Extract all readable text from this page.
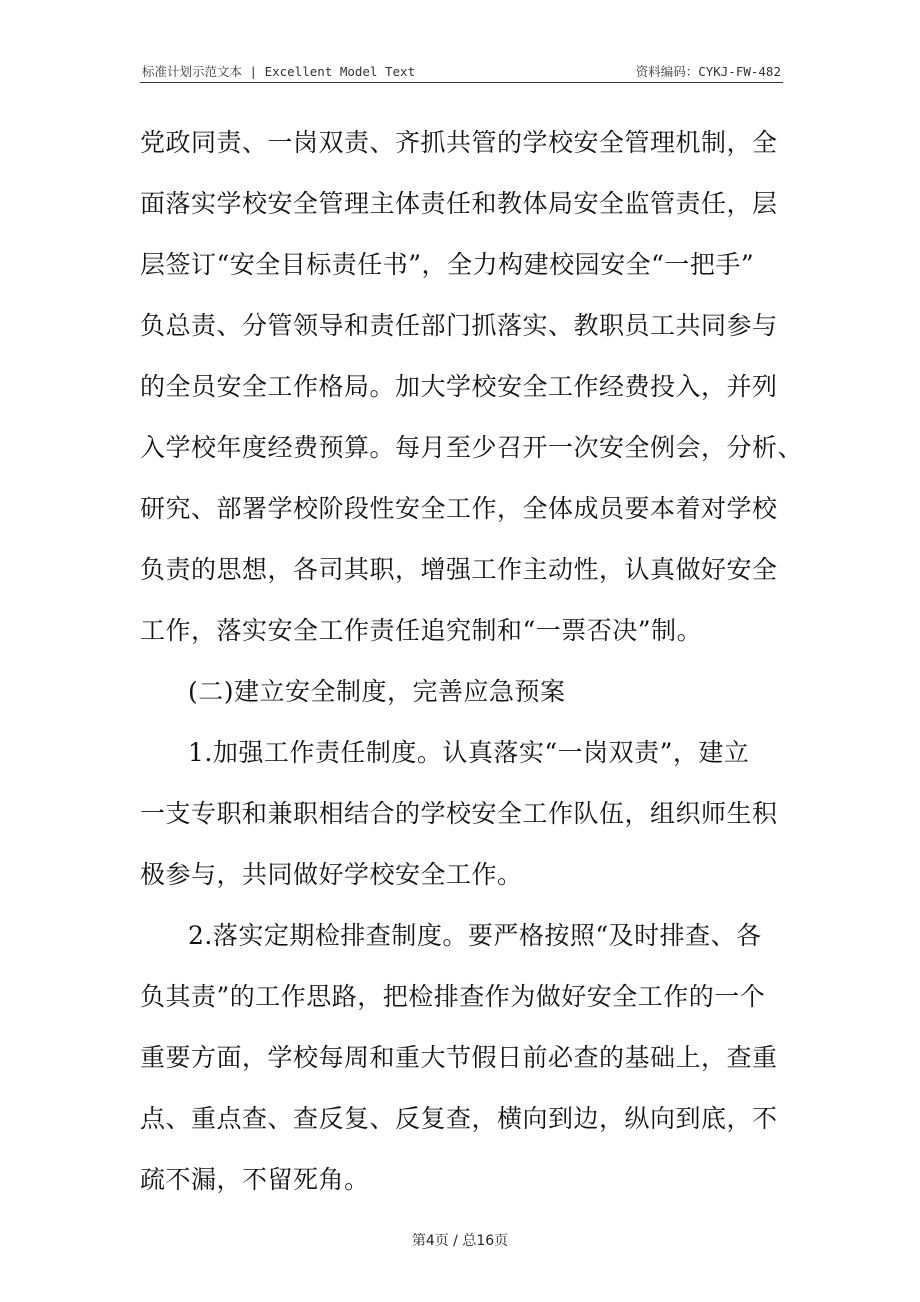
标准计划示范文本 | Excellent Model Text	资料编码：CYKJ-FW-482

党政同责、一岗双责、齐抓共管的学校安全管理机制，全

面落实学校安全管理主体责任和教体局安全监管责任，层

层签订“安全目标责任书”，全力构建校园安全“一把手”

负总责、分管领导和责任部门抓落实、教职员工共同参与

的全员安全工作格局。加大学校安全工作经费投入，并列

入学校年度经费预算。每月至少召开一次安全例会，分析、

研究、部署学校阶段性安全工作，全体成员要本着对学校

负责的思想，各司其职，增强工作主动性，认真做好安全

工作，落实安全工作责任追究制和“一票否决”制。

(二)建立安全制度，完善应急预案

1.加强工作责任制度。认真落实“一岗双责”，建立

一支专职和兼职相结合的学校安全工作队伍，组织师生积

极参与，共同做好学校安全工作。

2.落实定期检排查制度。要严格按照“及时排查、各

负其责”的工作思路，把检排查作为做好安全工作的一个

重要方面，学校每周和重大节假日前必查的基础上，查重

点、重点查、查反复、反复查，横向到边，纵向到底，不

疏不漏，不留死角。

第4页 / 总16页
